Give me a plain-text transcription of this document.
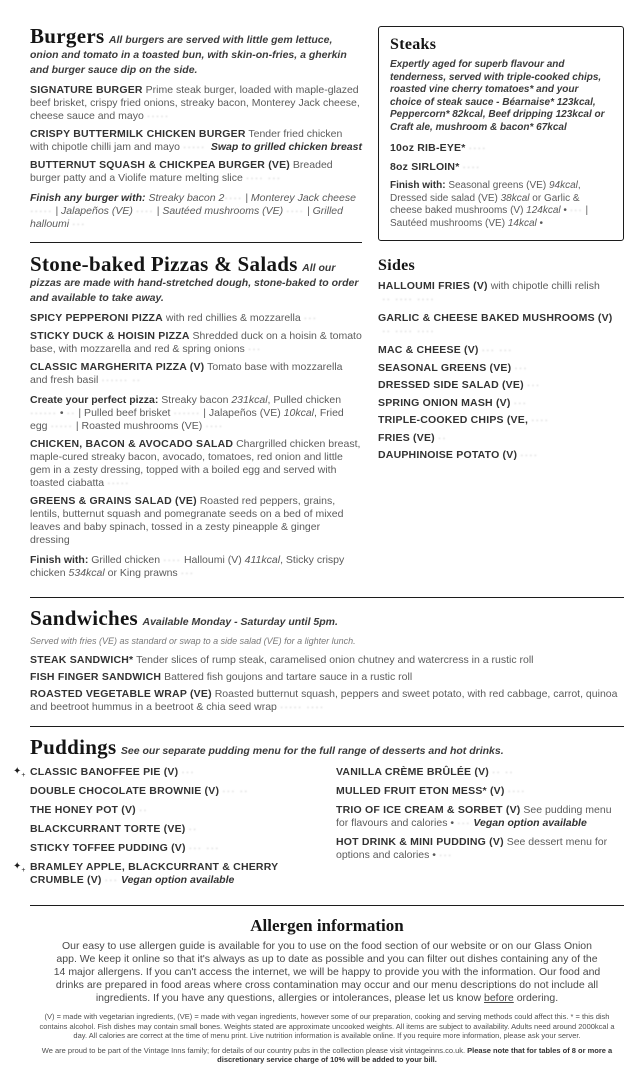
Burgers All burgers are served with little gem lettuce, onion and tomato in a toasted bun, with skin-on-fries, a gherkin and burger sauce dip on the side.

SIGNATURE BURGER Prime steak burger, loaded with maple-glazed beef brisket, crispy fried onions, streaky bacon, Monterey Jack cheese, cheese sauce and mayo ·····

CRISPY BUTTERMILK CHICKEN BURGER Tender fried chicken with chipotle chilli jam and mayo ····· Swap to grilled chicken breast

BUTTERNUT SQUASH & CHICKPEA BURGER (VE) Breaded burger patty and a Violife mature melting slice ···· ···

Finish any burger with: Streaky bacon 2···· | Monterey Jack cheese ····· | Jalapeños (VE) ···· | Sautéed mushrooms (VE) ···· | Grilled halloumi ···

Stone-baked Pizzas & Salads All our pizzas are made with hand-stretched dough, stone-baked to order and available to take away.

SPICY PEPPERONI PIZZA with red chillies & mozzarella ···

STICKY DUCK & HOISIN PIZZA Shredded duck on a hoisin & tomato base, with mozzarella and red & spring onions ···

CLASSIC MARGHERITA PIZZA (V) Tomato base with mozzarella and fresh basil ······ ··

Create your perfect pizza: Streaky bacon 231kcal, Pulled chicken ······ • ·· | Pulled beef brisket ······ | Jalapeños (VE) 10kcal, Fried egg ····· | Roasted mushrooms (VE) ····

CHICKEN, BACON & AVOCADO SALAD Chargrilled chicken breast, maple-cured streaky bacon, avocado, tomatoes, red onion and little gem in a zesty dressing, topped with a boiled egg and served with toasted ciabatta ·····

GREENS & GRAINS SALAD (VE) Roasted red peppers, grains, lentils, butternut squash and pomegranate seeds on a bed of mixed leaves and baby spinach, tossed in a zesty pineapple & ginger dressing

Finish with: Grilled chicken ···· Halloumi (V) 411kcal, Sticky crispy chicken 534kcal or King prawns ···

Steaks

Expertly aged for superb flavour and tenderness, served with triple-cooked chips, roasted vine cherry tomatoes* and your choice of steak sauce - Béarnaise* 123kcal, Peppercorn* 82kcal, Beef dripping 123kcal or Craft ale, mushroom & bacon* 67kcal

10oz RIB-EYE* ····

8oz SIRLOIN* ····

Finish with: Seasonal greens (VE) 94kcal, Dressed side salad (VE) 38kcal or Garlic & cheese baked mushrooms (V) 124kcal • ··· | Sautéed mushrooms (VE) 14kcal •

Sides

HALLOUMI FRIES (V) with chipotle chilli relish
·· ···· ····

GARLIC & CHEESE BAKED MUSHROOMS (V)
·· ···· ····

MAC & CHEESE (V) ··· ···

SEASONAL GREENS (VE) ···

DRESSED SIDE SALAD (VE) ···

SPRING ONION MASH (V) ···

TRIPLE-COOKED CHIPS (VE, ····

FRIES (VE) ··

DAUPHINOISE POTATO (V) ····

Sandwiches Available Monday - Saturday until 5pm.

Served with fries (VE) as standard or swap to a side salad (VE) for a lighter lunch.

STEAK SANDWICH* Tender slices of rump steak, caramelised onion chutney and watercress in a rustic roll

FISH FINGER SANDWICH Battered fish goujons and tartare sauce in a rustic roll

ROASTED VEGETABLE WRAP (VE) Roasted butternut squash, peppers and sweet potato, with red cabbage, carrot, quinoa and beetroot hummus in a beetroot & chia seed wrap ····· ····

Puddings See our separate pudding menu for the full range of desserts and hot drinks.

$✦_+$ CLASSIC BANOFFEE PIE (V) ···

DOUBLE CHOCOLATE BROWNIE (V) ··· ··

THE HONEY POT (V) ··

BLACKCURRANT TORTE (VE) ··

STICKY TOFFEE PUDDING (V) ··· ···

$✦_+$ BRAMLEY APPLE, BLACKCURRANT & CHERRY CRUMBLE (V) ··· Vegan option available

VANILLA CRÈME BRÛLÉE (V) ·· ··

MULLED FRUIT ETON MESS* (V) ····

TRIO OF ICE CREAM & SORBET (V) See pudding menu for flavours and calories • ··· Vegan option available

HOT DRINK & MINI PUDDING (V) See dessert menu for options and calories • ···

Allergen information

Our easy to use allergen guide is available for you to use on the food section of our website or on our Glass Onion app. We keep it online so that it's always as up to date as possible and you can filter out dishes containing any of the 14 major allergens. If you can't access the internet, we will be happy to provide you with the information. Our food and drinks are prepared in food areas where cross contamination may occur and our menu descriptions do not include all ingredients. If you have any questions, allergies or intolerances, please let us know before ordering.

(V) = made with vegetarian ingredients, (VE) = made with vegan ingredients, however some of our preparation, cooking and serving methods could affect this. * = this dish contains alcohol. Fish dishes may contain small bones. Weights stated are approximate uncooked weights. All items are subject to availability. Adults need around 2000kcal a day. All calories are correct at the time of menu print. Live nutrition information is available online. If you require more information, please ask your server.

We are proud to be part of the Vintage Inns family; for details of our country pubs in the collection please visit vintageinns.co.uk. Please note that for tables of 8 or more a discretionary service charge of 10% will be added to your bill.
